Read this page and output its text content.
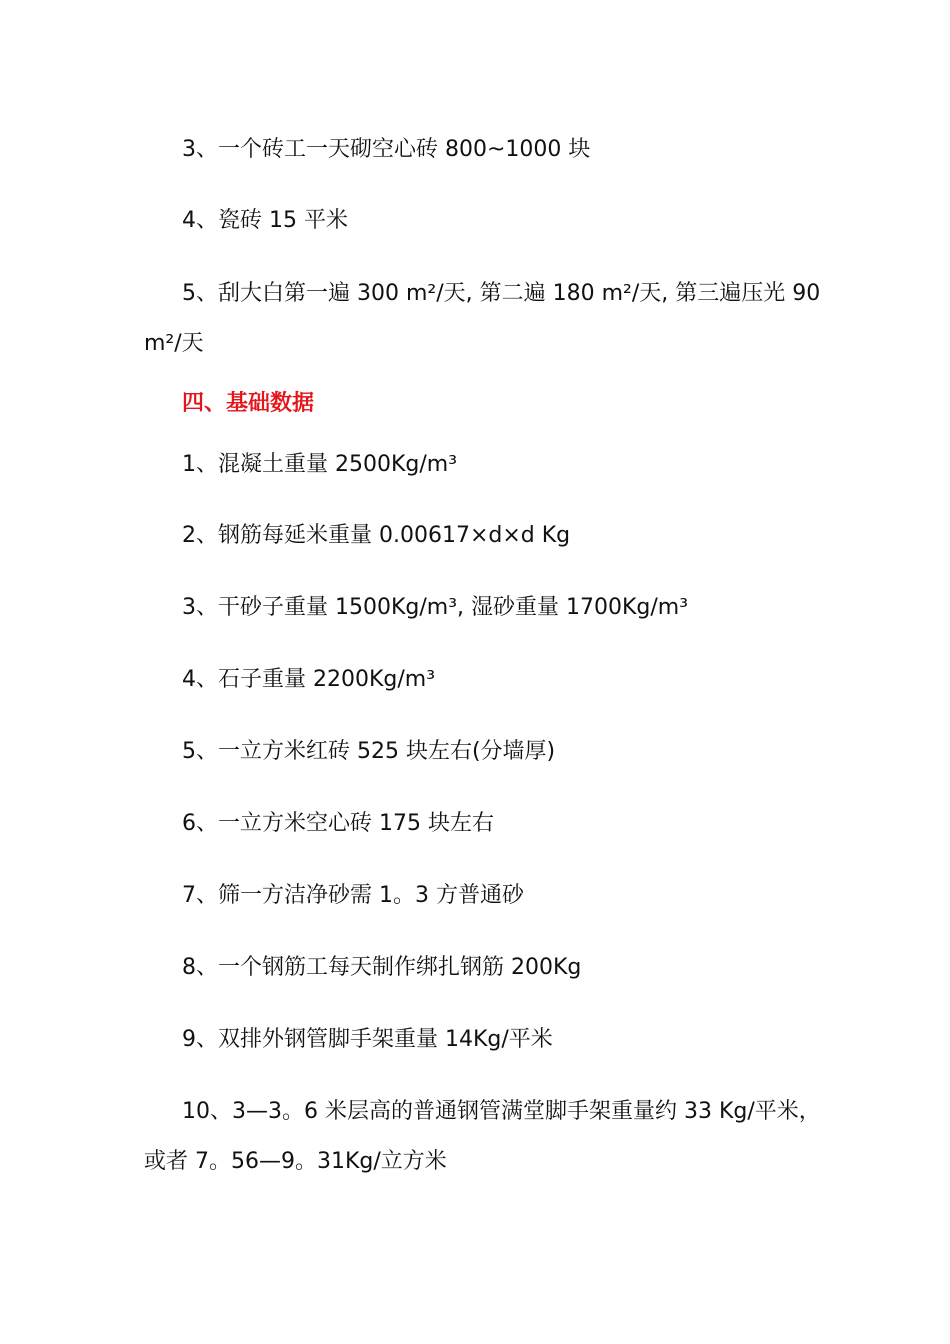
3、一个砖工一天砌空心砖 800~1000 块
4、瓷砖 15 平米
5、刮大白第一遍 300 m²/天, 第二遍 180 m²/天, 第三遍压光 90
m²/天
四、基础数据
1、混凝土重量 2500Kg/m³
2、钢筋每延米重量 0.00617×d×d Kg
3、干砂子重量 1500Kg/m³, 湿砂重量 1700Kg/m³
4、石子重量 2200Kg/m³
5、一立方米红砖 525 块左右(分墙厚)
6、一立方米空心砖 175 块左右
7、筛一方洁净砂需 1。3 方普通砂
8、一个钢筋工每天制作绑扎钢筋 200Kg
9、双排外钢管脚手架重量 14Kg/平米
10、3—3。6 米层高的普通钢管满堂脚手架重量约 33 Kg/平米，
或者 7。56—9。31Kg/立方米
